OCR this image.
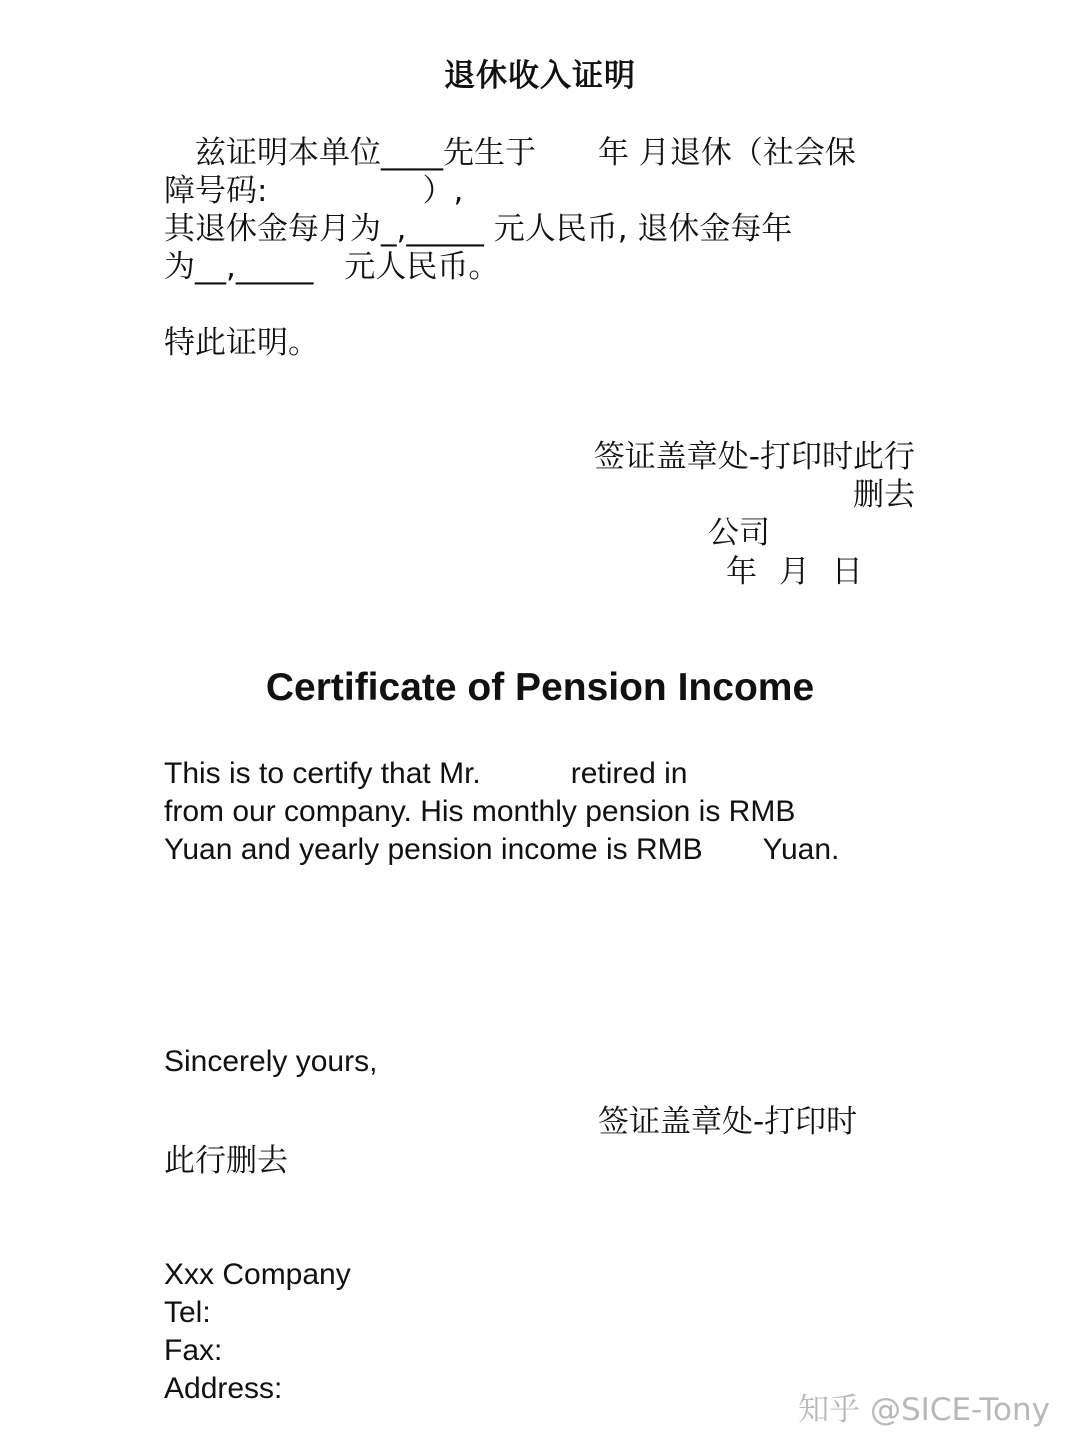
退休收入证明
　兹证明本单位____先生于　　年 月退休（社会保
障号码:　　　　　）,
其退休金每月为_,_____ 元人民币, 退休金每年
为__,_____　元人民币。
特此证明。
签证盖章处-打印时此行
删去
公司
年 月 日
Certificate of Pension Income
This is to certify that Mr.　　　retired in
from our company. His monthly pension is RMB
Yuan and yearly pension income is RMB　　Yuan.
Sincerely yours,
签证盖章处-打印时
此行删去
Xxx Company
Tel:
Fax:
Address:
知乎 @SICE-Tony
